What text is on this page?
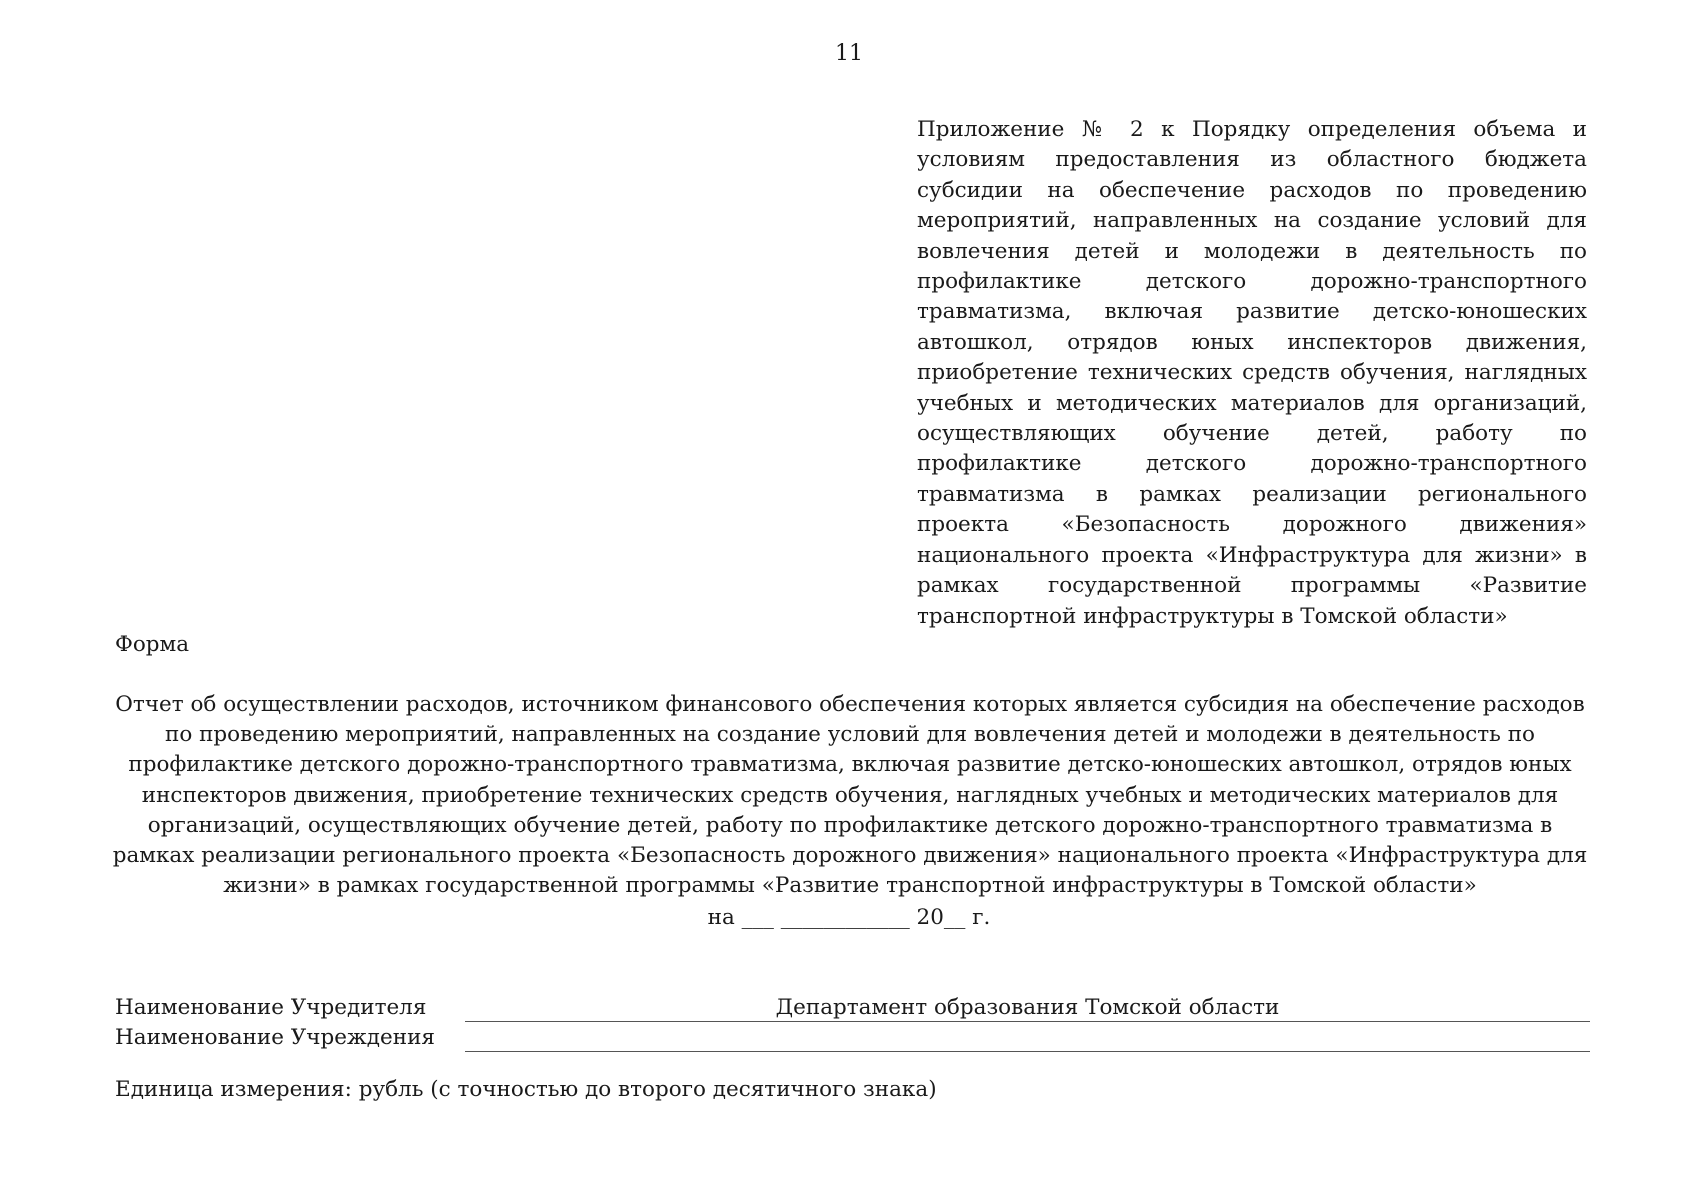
11

Приложение № 2 к Порядку определения объема и условиям предоставления из областного бюджета субсидии на обеспечение расходов по проведению мероприятий, направленных на создание условий для вовлечения детей и молодежи в деятельность по профилактике детского дорожно-транспортного травматизма, включая развитие детско-юношеских автошкол, отрядов юных инспекторов движения, приобретение технических средств обучения, наглядных учебных и методических материалов для организаций, осуществляющих обучение детей, работу по профилактике детского дорожно-транспортного травматизма в рамках реализации регионального проекта «Безопасность дорожного движения» национального проекта «Инфраструктура для жизни» в рамках государственной программы «Развитие транспортной инфраструктуры в Томской области»

Форма

Отчет об осуществлении расходов, источником финансового обеспечения которых является субсидия на обеспечение расходов по проведению мероприятий, направленных на создание условий для вовлечения детей и молодежи в деятельность по профилактике детского дорожно-транспортного травматизма, включая развитие детско-юношеских автошкол, отрядов юных инспекторов движения, приобретение технических средств обучения, наглядных учебных и методических материалов для организаций, осуществляющих обучение детей, работу по профилактике детского дорожно-транспортного травматизма в рамках реализации регионального проекта «Безопасность дорожного движения» национального проекта «Инфраструктура для жизни» в рамках государственной программы «Развитие транспортной инфраструктуры в Томской области»

на ___ ____________ 20__ г.

Наименование Учредителя	Департамент образования Томской области
Наименование Учреждения

Единица измерения: рубль (с точностью до второго десятичного знака)
